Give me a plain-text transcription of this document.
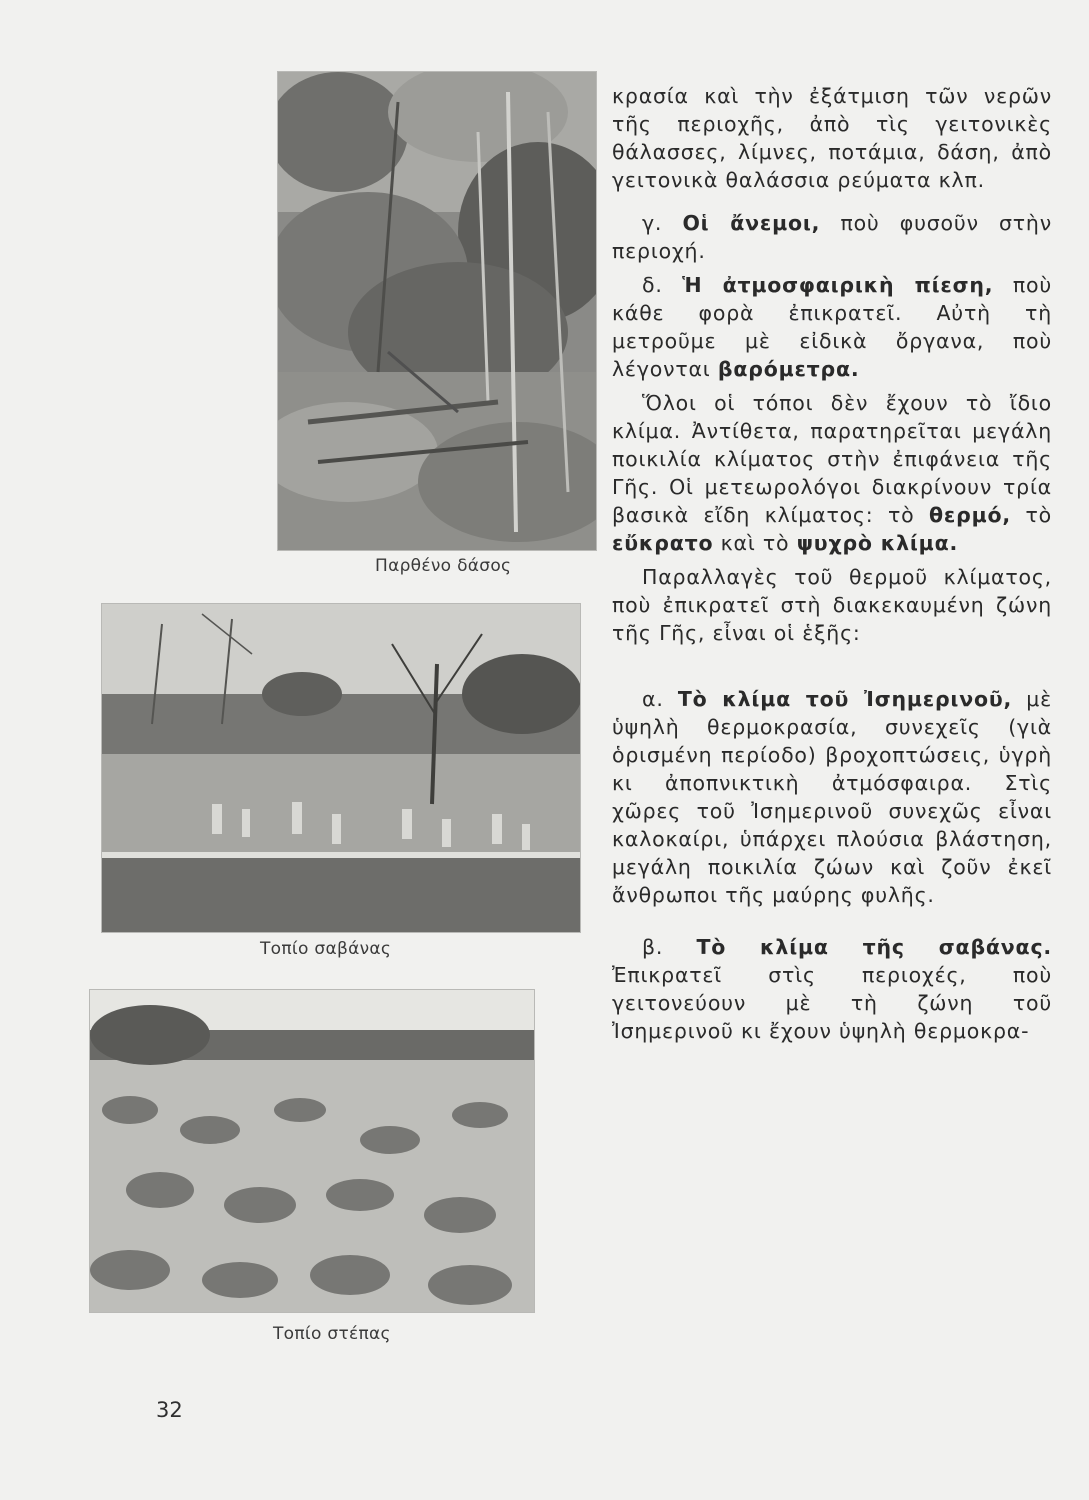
Παρθένο δάσος
Τοπίο σαβάνας
Τοπίο στέπας

κρασία καὶ τὴν ἐξάτμιση τῶν νερῶν τῆς περιοχῆς, ἀπὸ τὶς γειτονικὲς θάλασσες, λίμνες, ποτάμια, δάση, ἀπὸ γειτονικὰ θαλάσσια ρεύματα κλπ.

γ. Οἱ ἄνεμοι, ποὺ φυσοῦν στὴν περιοχή.

δ. Ἡ ἀτμοσφαιρικὴ πίεση, ποὺ κάθε φορὰ ἐπικρατεῖ. Αὐτὴ τὴ μετροῦμε μὲ εἰδικὰ ὄργανα, ποὺ λέγονται βαρόμετρα.

Ὅλοι οἱ τόποι δὲν ἔχουν τὸ ἴδιο κλίμα. Ἀντίθετα, παρατηρεῖται μεγάλη ποικιλία κλίματος στὴν ἐπιφάνεια τῆς Γῆς. Οἱ μετεωρολόγοι διακρίνουν τρία βασικὰ εἴδη κλίματος: τὸ θερμό, τὸ εὔκρατο καὶ τὸ ψυχρὸ κλίμα.

Παραλλαγὲς τοῦ θερμοῦ κλίματος, ποὺ ἐπικρατεῖ στὴ διακεκαυμένη ζώνη τῆς Γῆς, εἶναι οἱ ἑξῆς:

α. Τὸ κλίμα τοῦ Ἰσημερινοῦ, μὲ ὑψηλὴ θερμοκρασία, συνεχεῖς (γιὰ ὁρισμένη περίοδο) βροχοπτώσεις, ὑγρὴ κι ἀποπνικτικὴ ἀτμόσφαιρα. Στὶς χῶρες τοῦ Ἰσημερινοῦ συνεχῶς εἶναι καλοκαίρι, ὑπάρχει πλούσια βλάστηση, μεγάλη ποικιλία ζώων καὶ ζοῦν ἐκεῖ ἄνθρωποι τῆς μαύρης φυλῆς.

β. Τὸ κλίμα τῆς σαβάνας. Ἐπικρατεῖ στὶς περιοχές, ποὺ γειτονεύουν μὲ τὴ ζώνη τοῦ Ἰσημερινοῦ κι ἔχουν ὑψηλὴ θερμοκρα-

32
